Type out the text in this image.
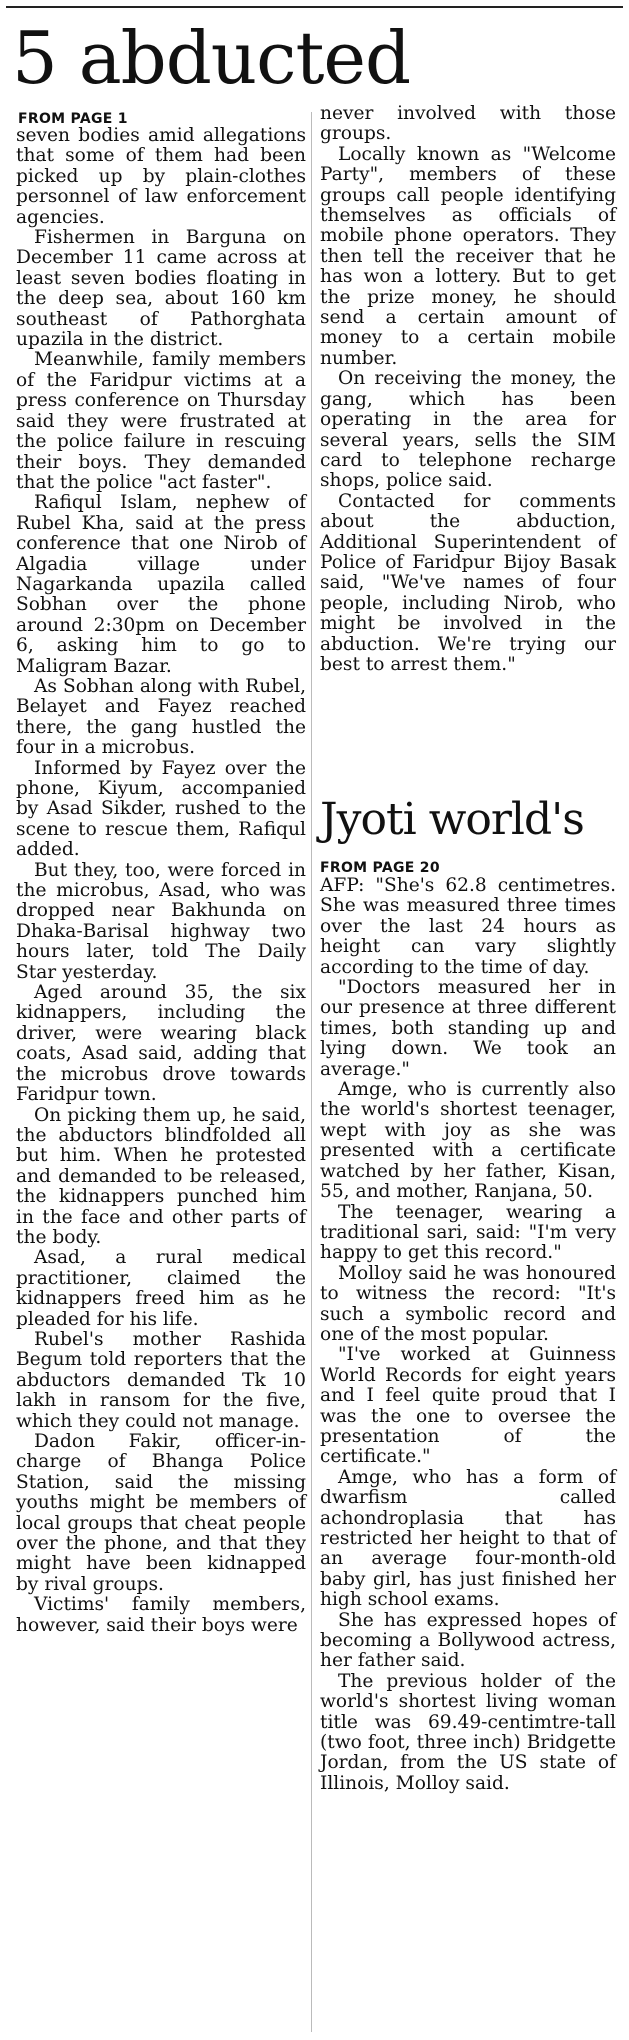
5 abducted
FROM PAGE 1

seven bodies amid allegations that some of them had been picked up by plain-clothes personnel of law enforcement agencies.

Fishermen in Barguna on December 11 came across at least seven bodies floating in the deep sea, about 160 km southeast of Pathorghata upazila in the district.

Meanwhile, family members of the Faridpur victims at a press conference on Thursday said they were frustrated at the police failure in rescuing their boys. They demanded that the police "act faster".

Rafiqul Islam, nephew of Rubel Kha, said at the press conference that one Nirob of Algadia village under Nagarkanda upazila called Sobhan over the phone around 2:30pm on December 6, asking him to go to Maligram Bazar.

As Sobhan along with Rubel, Belayet and Fayez reached there, the gang hustled the four in a microbus.

Informed by Fayez over the phone, Kiyum, accompanied by Asad Sikder, rushed to the scene to rescue them, Rafiqul added.

But they, too, were forced in the microbus, Asad, who was dropped near Bakhunda on Dhaka-Barisal highway two hours later, told The Daily Star yesterday.

Aged around 35, the six kidnappers, including the driver, were wearing black coats, Asad said, adding that the microbus drove towards Faridpur town.

On picking them up, he said, the abductors blindfolded all but him. When he protested and demanded to be released, the kidnappers punched him in the face and other parts of the body.

Asad, a rural medical practitioner, claimed the kidnappers freed him as he pleaded for his life.

Rubel's mother Rashida Begum told reporters that the abductors demanded Tk 10 lakh in ransom for the five, which they could not manage.

Dadon Fakir, officer-in-charge of Bhanga Police Station, said the missing youths might be members of local groups that cheat people over the phone, and that they might have been kidnapped by rival groups.

Victims' family members, however, said their boys were

never involved with those groups.

Locally known as "Welcome Party", members of these groups call people identifying themselves as officials of mobile phone operators. They then tell the receiver that he has won a lottery. But to get the prize money, he should send a certain amount of money to a certain mobile number.

On receiving the money, the gang, which has been operating in the area for several years, sells the SIM card to telephone recharge shops, police said.

Contacted for comments about the abduction, Additional Superintendent of Police of Faridpur Bijoy Basak said, "We've names of four people, including Nirob, who might be involved in the abduction. We're trying our best to arrest them."

Jyoti world's
FROM PAGE 20

AFP: "She's 62.8 centimetres. She was measured three times over the last 24 hours as height can vary slightly according to the time of day.

"Doctors measured her in our presence at three different times, both standing up and lying down. We took an average."

Amge, who is currently also the world's shortest teenager, wept with joy as she was presented with a certificate watched by her father, Kisan, 55, and mother, Ranjana, 50.

The teenager, wearing a traditional sari, said: "I'm very happy to get this record."

Molloy said he was honoured to witness the record: "It's such a symbolic record and one of the most popular.

"I've worked at Guinness World Records for eight years and I feel quite proud that I was the one to oversee the presentation of the certificate."

Amge, who has a form of dwarfism called achondroplasia that has restricted her height to that of an average four-month-old baby girl, has just finished her high school exams.

She has expressed hopes of becoming a Bollywood actress, her father said.

The previous holder of the world's shortest living woman title was 69.49-centimtre-tall (two foot, three inch) Bridgette Jordan, from the US state of Illinois, Molloy said.
